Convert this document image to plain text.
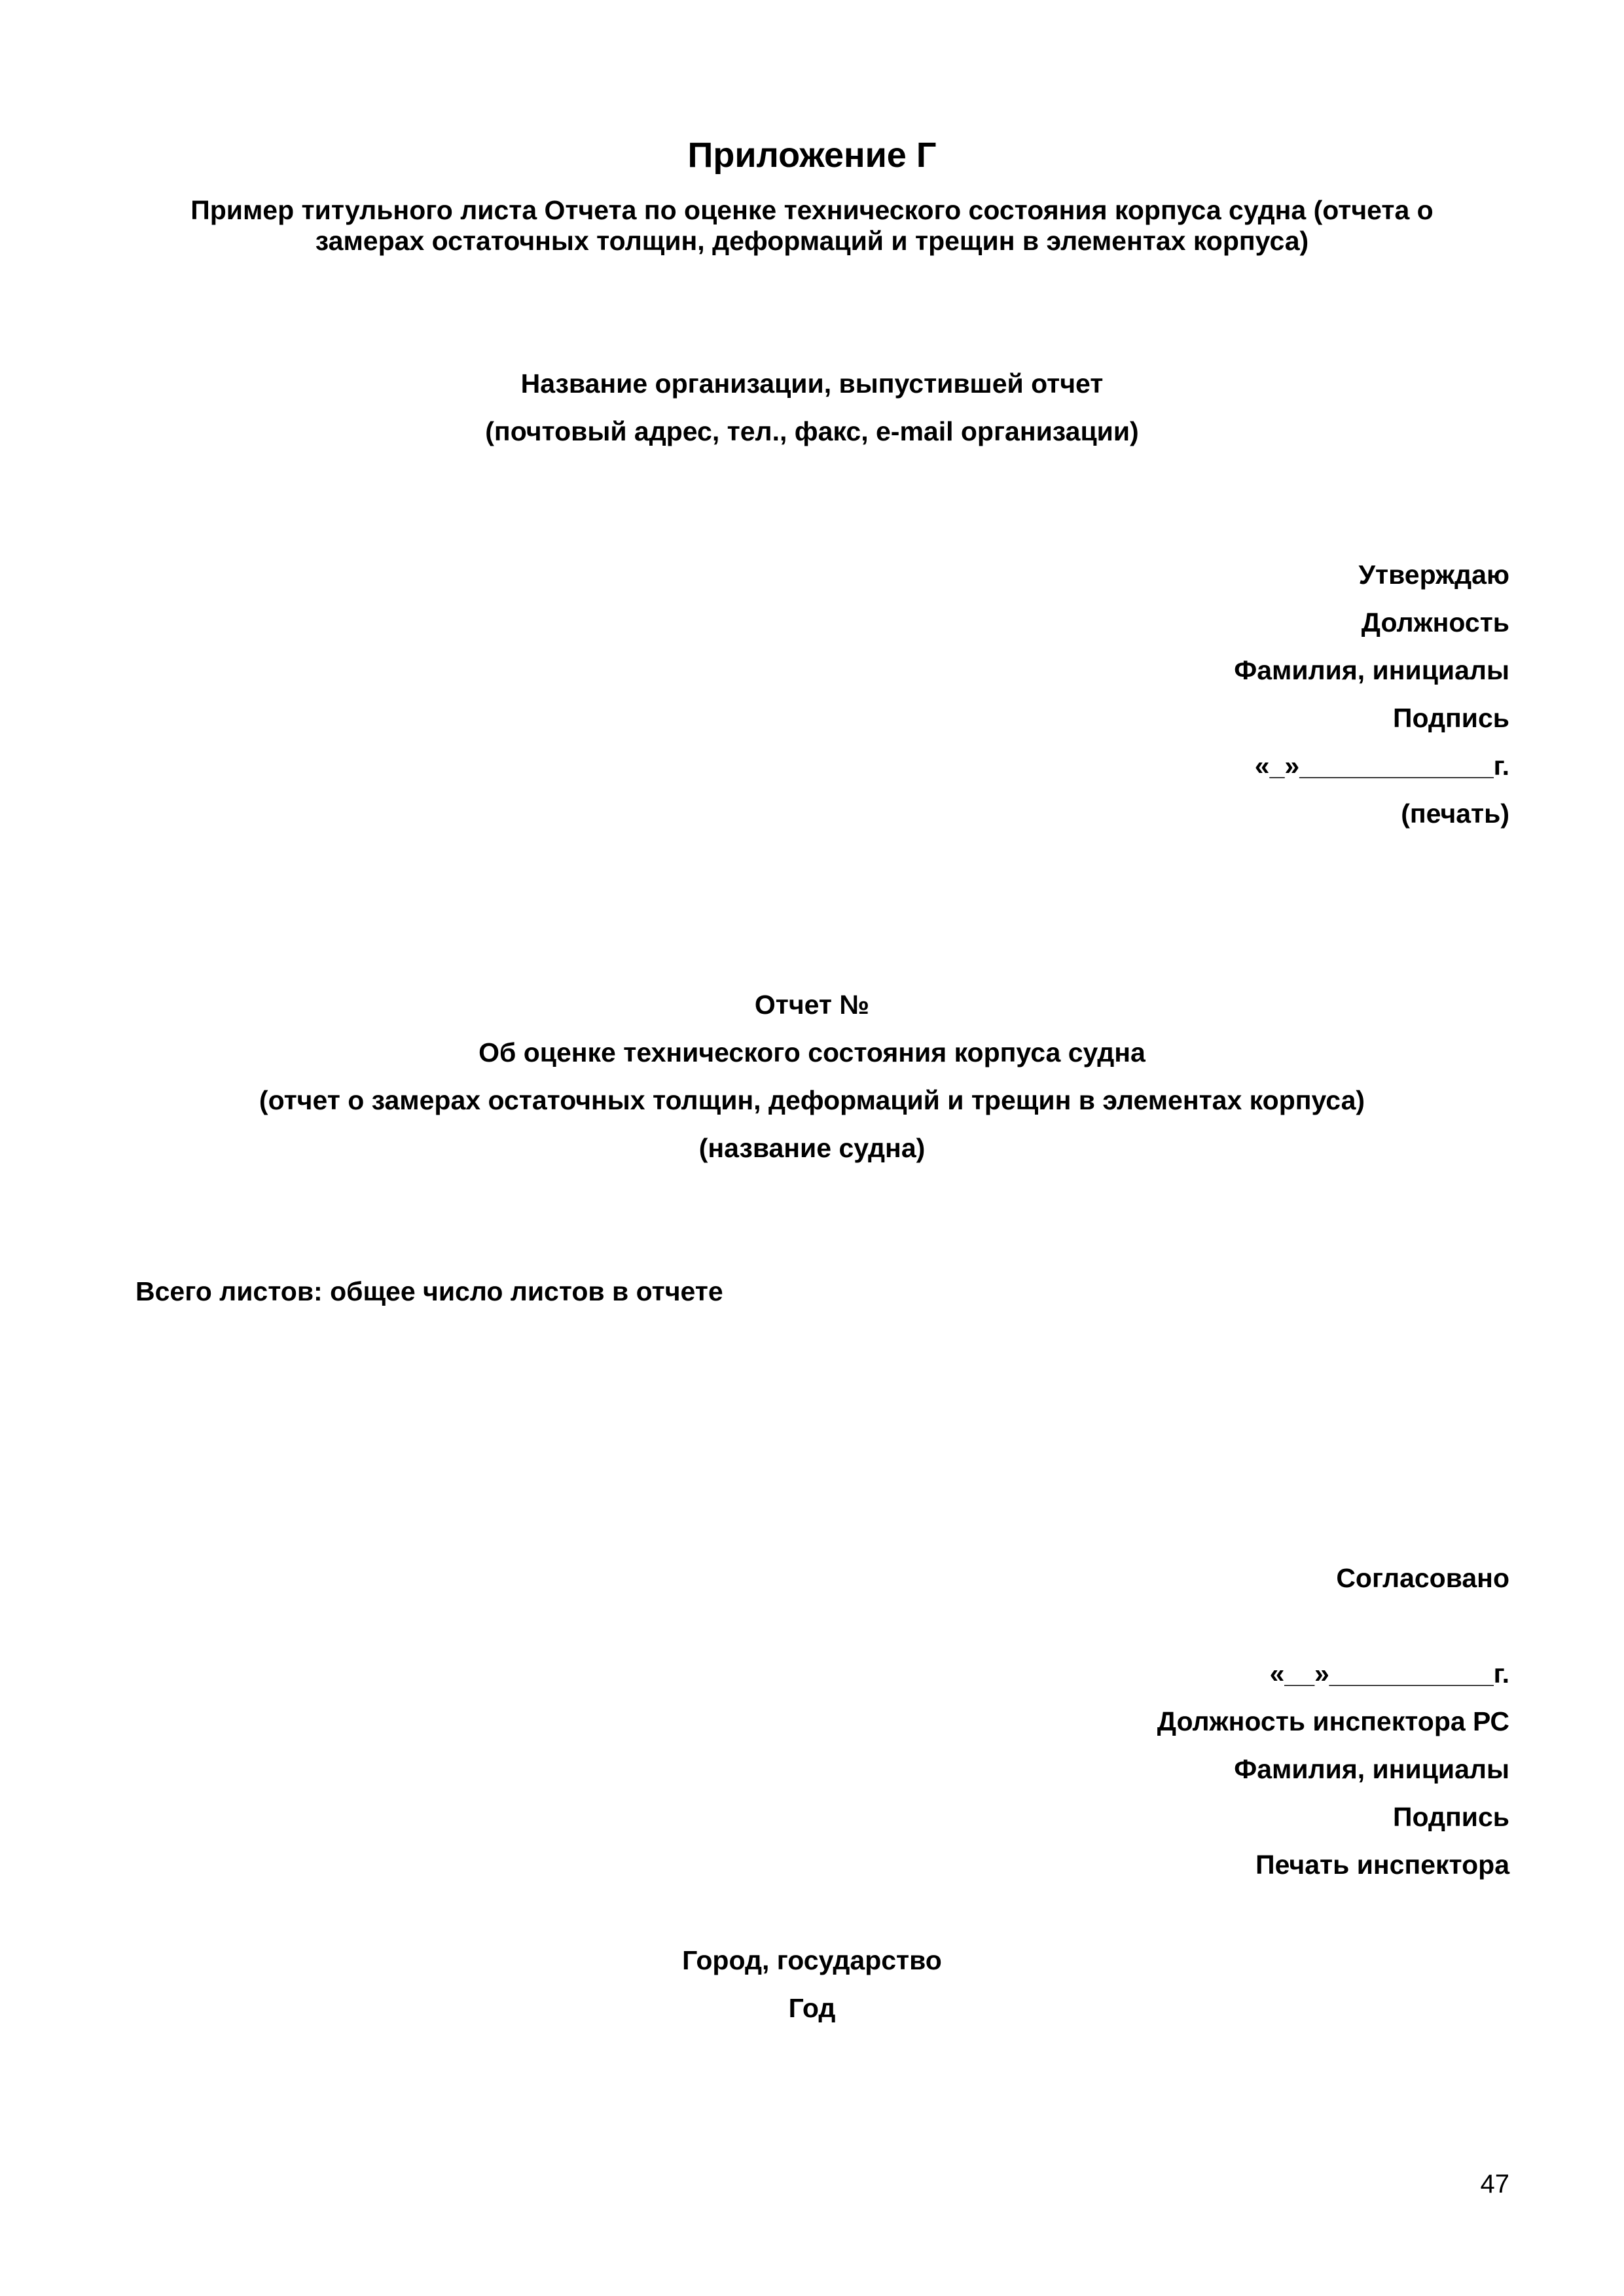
Приложение Г
Пример титульного листа Отчета по оценке технического состояния корпуса судна (отчета о
замерах остаточных толщин, деформаций и трещин в элементах корпуса)
Название организации, выпустившей отчет
(почтовый адрес, тел., факс, e-mail организации)
Утверждаю
Должность
Фамилия, инициалы
Подпись
«_»_____________г.
(печать)
Отчет №
Об оценке технического состояния корпуса судна
(отчет о замерах остаточных толщин, деформаций и трещин в элементах корпуса)
(название судна)
Всего листов: общее число листов в отчете
Согласовано
«__»___________г.
Должность инспектора РС
Фамилия, инициалы
Подпись
Печать инспектора
Город, государство
Год
47
